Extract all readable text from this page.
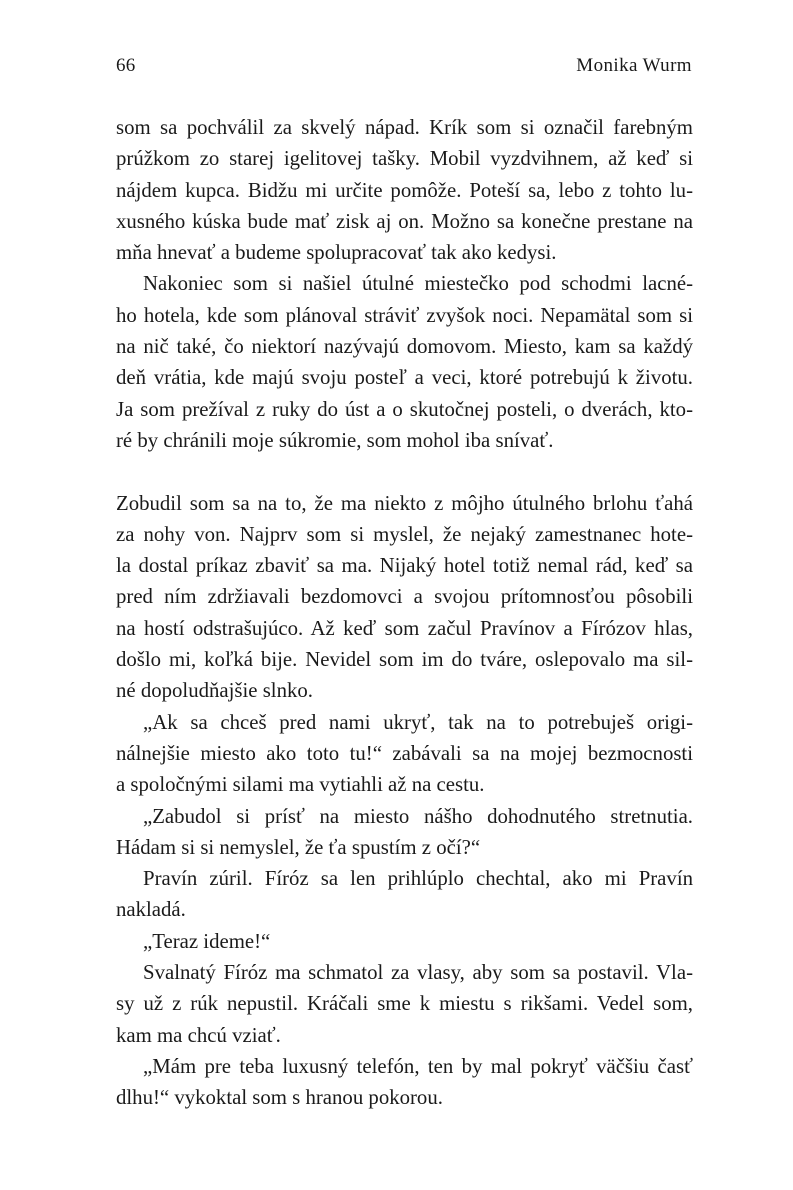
66	Monika Wurm
som sa pochválil za skvelý nápad. Krík som si označil farebným
prúžkom zo starej igelitovej tašky. Mobil vyzdvihnem, až keď si
nájdem kupca. Bidžu mi určite pomôže. Poteší sa, lebo z tohto lu-
xusného kúska bude mať zisk aj on. Možno sa konečne prestane na
mňa hnevať a budeme spolupracovať tak ako kedysi.
Nakoniec som si našiel útulné miestečko pod schodmi lacné-
ho hotela, kde som plánoval stráviť zvyšok noci. Nepamätal som si
na nič také, čo niektorí nazývajú domovom. Miesto, kam sa každý
deň vrátia, kde majú svoju posteľ a veci, ktoré potrebujú k životu.
Ja som prežíval z ruky do úst a o skutočnej posteli, o dverách, kto-
ré by chránili moje súkromie, som mohol iba snívať.
Zobudil som sa na to, že ma niekto z môjho útulného brlohu ťahá
za nohy von. Najprv som si myslel, že nejaký zamestnanec hote-
la dostal príkaz zbaviť sa ma. Nijaký hotel totiž nemal rád, keď sa
pred ním zdržiavali bezdomovci a svojou prítomnosťou pôsobili
na hostí odstrašujúco. Až keď som začul Pravínov a Fírózov hlas,
došlo mi, koľká bije. Nevidel som im do tváre, oslepovalo ma sil-
né dopoludňajšie slnko.
„Ak sa chceš pred nami ukryť, tak na to potrebuješ origi-
nálnejšie miesto ako toto tu!“ zabávali sa na mojej bezmocnosti
a spoločnými silami ma vytiahli až na cestu.
„Zabudol si prísť na miesto nášho dohodnutého stretnutia.
Hádam si si nemyslel, že ťa spustím z očí?“
Pravín zúril. Fíróz sa len prihlúplo chechtal, ako mi Pravín
nakladá.
„Teraz ideme!“
Svalnatý Fíróz ma schmatol za vlasy, aby som sa postavil. Vla-
sy už z rúk nepustil. Kráčali sme k miestu s rikšami. Vedel som,
kam ma chcú vziať.
„Mám pre teba luxusný telefón, ten by mal pokryť väčšiu časť
dlhu!“ vykoktal som s hranou pokorou.
